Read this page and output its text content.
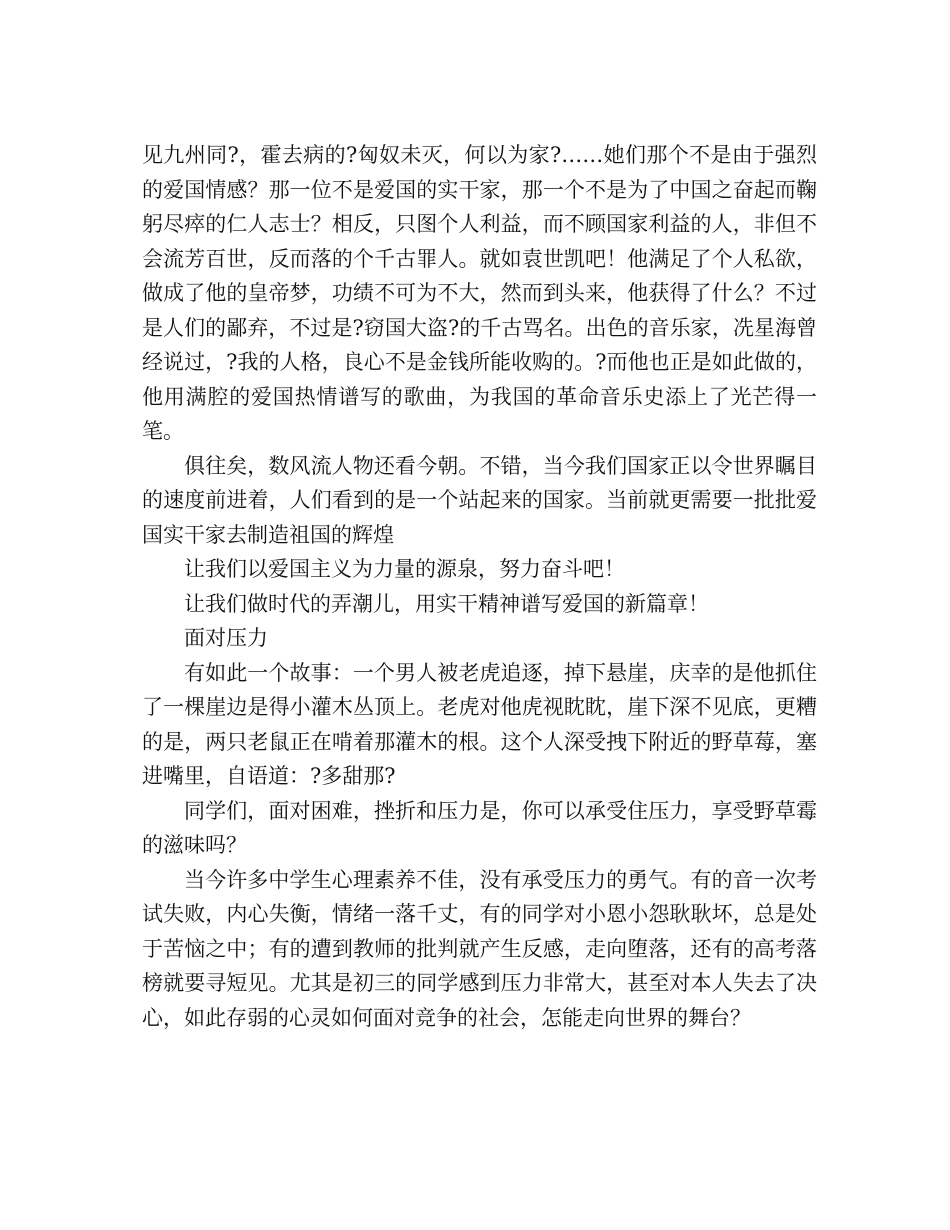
见九州同?，霍去病的?匈奴未灭，何以为家?……她们那个不是由于强烈的爱国情感？那一位不是爱国的实干家，那一个不是为了中国之奋起而鞠躬尽瘁的仁人志士？相反，只图个人利益，而不顾国家利益的人，非但不会流芳百世，反而落的个千古罪人。就如袁世凯吧！他满足了个人私欲，做成了他的皇帝梦，功绩不可为不大，然而到头来，他获得了什么？不过是人们的鄙弃，不过是?窃国大盗?的千古骂名。出色的音乐家，冼星海曾经说过，?我的人格，良心不是金钱所能收购的。?而他也正是如此做的，他用满腔的爱国热情谱写的歌曲，为我国的革命音乐史添上了光芒得一笔。

俱往矣，数风流人物还看今朝。不错，当今我们国家正以令世界瞩目的速度前进着，人们看到的是一个站起来的国家。当前就更需要一批批爱国实干家去制造祖国的辉煌

让我们以爱国主义为力量的源泉，努力奋斗吧！

让我们做时代的弄潮儿，用实干精神谱写爱国的新篇章！

面对压力

有如此一个故事：一个男人被老虎追逐，掉下悬崖，庆幸的是他抓住了一棵崖边是得小灌木丛顶上。老虎对他虎视眈眈，崖下深不见底，更糟的是，两只老鼠正在啃着那灌木的根。这个人深受拽下附近的野草莓，塞进嘴里，自语道：?多甜那?

同学们，面对困难，挫折和压力是，你可以承受住压力，享受野草霉的滋味吗？

当今许多中学生心理素养不佳，没有承受压力的勇气。有的音一次考试失败，内心失衡，情绪一落千丈，有的同学对小恩小怨耿耿坏，总是处于苦恼之中；有的遭到教师的批判就产生反感，走向堕落，还有的高考落榜就要寻短见。尤其是初三的同学感到压力非常大，甚至对本人失去了决心，如此存弱的心灵如何面对竞争的社会，怎能走向世界的舞台？
